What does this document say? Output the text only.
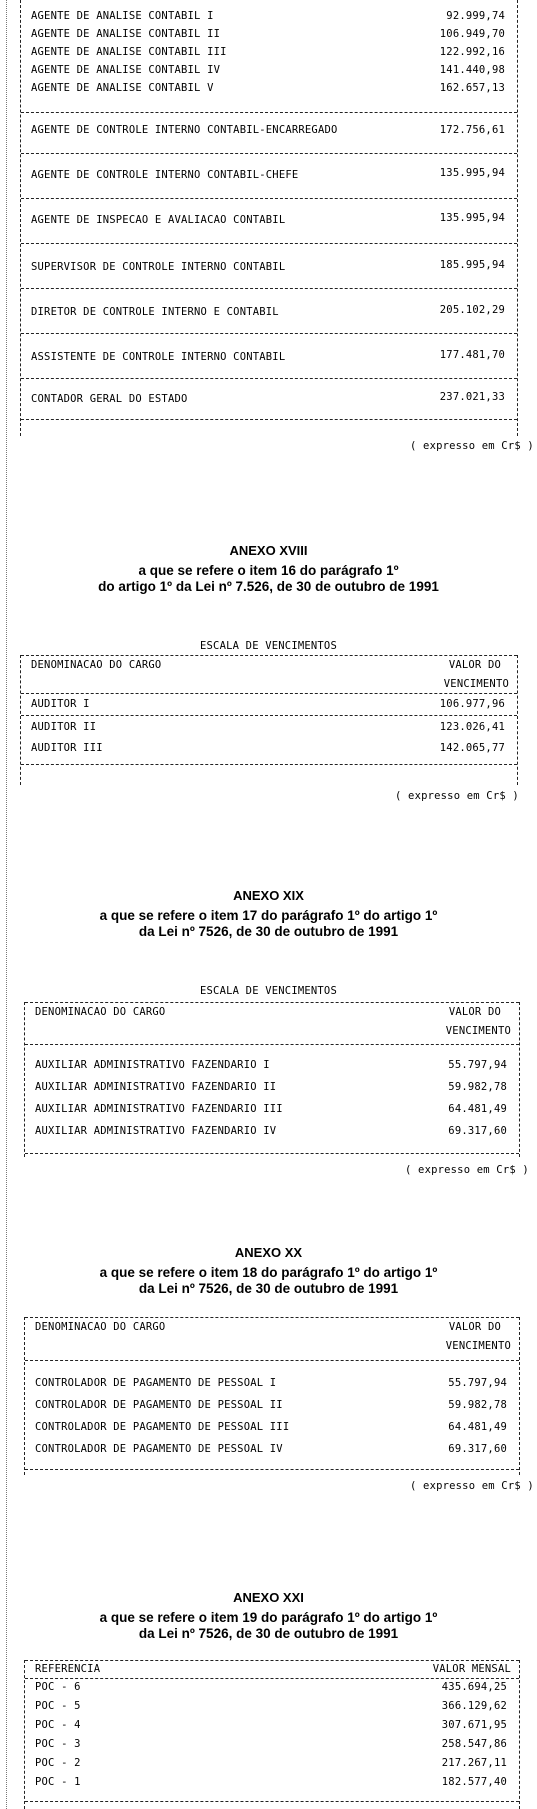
AGENTE DE ANALISE CONTABIL I	92.999,74
AGENTE DE ANALISE CONTABIL II	106.949,70
AGENTE DE ANALISE CONTABIL III	122.992,16
AGENTE DE ANALISE CONTABIL IV	141.440,98
AGENTE DE ANALISE CONTABIL V	162.657,13
AGENTE DE CONTROLE INTERNO CONTABIL-ENCARREGADO	172.756,61
AGENTE DE CONTROLE INTERNO CONTABIL-CHEFE	135.995,94
AGENTE DE INSPECAO E AVALIACAO CONTABIL	135.995,94
SUPERVISOR DE CONTROLE INTERNO CONTABIL	185.995,94
DIRETOR DE CONTROLE INTERNO E CONTABIL	205.102,29
ASSISTENTE DE CONTROLE INTERNO CONTABIL	177.481,70
CONTADOR GERAL DO ESTADO	237.021,33
( expresso em Cr$ )
ANEXO XVIII
a que se refere o item 16 do parágrafo 1º
do artigo 1º da Lei nº 7.526, de 30 de outubro de 1991
ESCALA DE VENCIMENTOS
DENOMINACAO DO CARGO	VALOR DO
VENCIMENTO
AUDITOR I	106.977,96
AUDITOR II	123.026,41
AUDITOR III	142.065,77
( expresso em Cr$ )
ANEXO XIX
a que se refere o item 17 do parágrafo 1º do artigo 1º
da Lei nº 7526, de 30 de outubro de 1991
ESCALA DE VENCIMENTOS
DENOMINACAO DO CARGO	VALOR DO
VENCIMENTO
AUXILIAR ADMINISTRATIVO FAZENDARIO I	55.797,94
AUXILIAR ADMINISTRATIVO FAZENDARIO II	59.982,78
AUXILIAR ADMINISTRATIVO FAZENDARIO III	64.481,49
AUXILIAR ADMINISTRATIVO FAZENDARIO IV	69.317,60
( expresso em Cr$ )
ANEXO XX
a que se refere o item 18 do parágrafo 1º do artigo 1º
da Lei nº 7526, de 30 de outubro de 1991
DENOMINACAO DO CARGO	VALOR DO
VENCIMENTO
CONTROLADOR DE PAGAMENTO DE PESSOAL I	55.797,94
CONTROLADOR DE PAGAMENTO DE PESSOAL II	59.982,78
CONTROLADOR DE PAGAMENTO DE PESSOAL III	64.481,49
CONTROLADOR DE PAGAMENTO DE PESSOAL IV	69.317,60
( expresso em Cr$ )
ANEXO XXI
a que se refere o item 19 do parágrafo 1º do artigo 1º
da Lei nº 7526, de 30 de outubro de 1991
REFERENCIA	VALOR MENSAL
POC - 6	435.694,25
POC - 5	366.129,62
POC - 4	307.671,95
POC - 3	258.547,86
POC - 2	217.267,11
POC - 1	182.577,40
